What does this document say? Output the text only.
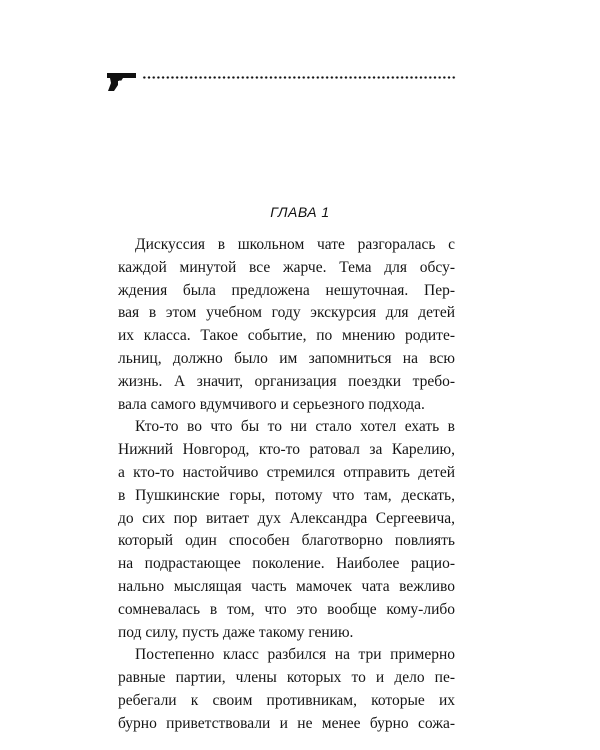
ГЛАВА 1
Дискуссия в школьном чате разгоралась с
каждой минутой все жарче. Тема для обсу-
ждения была предложена нешуточная. Пер-
вая в этом учебном году экскурсия для детей
их класса. Такое событие, по мнению родите-
льниц, должно было им запомниться на всю
жизнь. А значит, организация поездки требо-
вала самого вдумчивого и серьезного подхода.
Кто-то во что бы то ни стало хотел ехать в
Нижний Новгород, кто-то ратовал за Карелию,
а кто-то настойчиво стремился отправить детей
в Пушкинские горы, потому что там, дескать,
до сих пор витает дух Александра Сергеевича,
который один способен благотворно повлиять
на подрастающее поколение. Наиболее рацио-
нально мыслящая часть мамочек чата вежливо
сомневалась в том, что это вообще кому-либо
под силу, пусть даже такому гению.
Постепенно класс разбился на три примерно
равные партии, члены которых то и дело пе-
ребегали к своим противникам, которые их
бурно приветствовали и не менее бурно сожа-
